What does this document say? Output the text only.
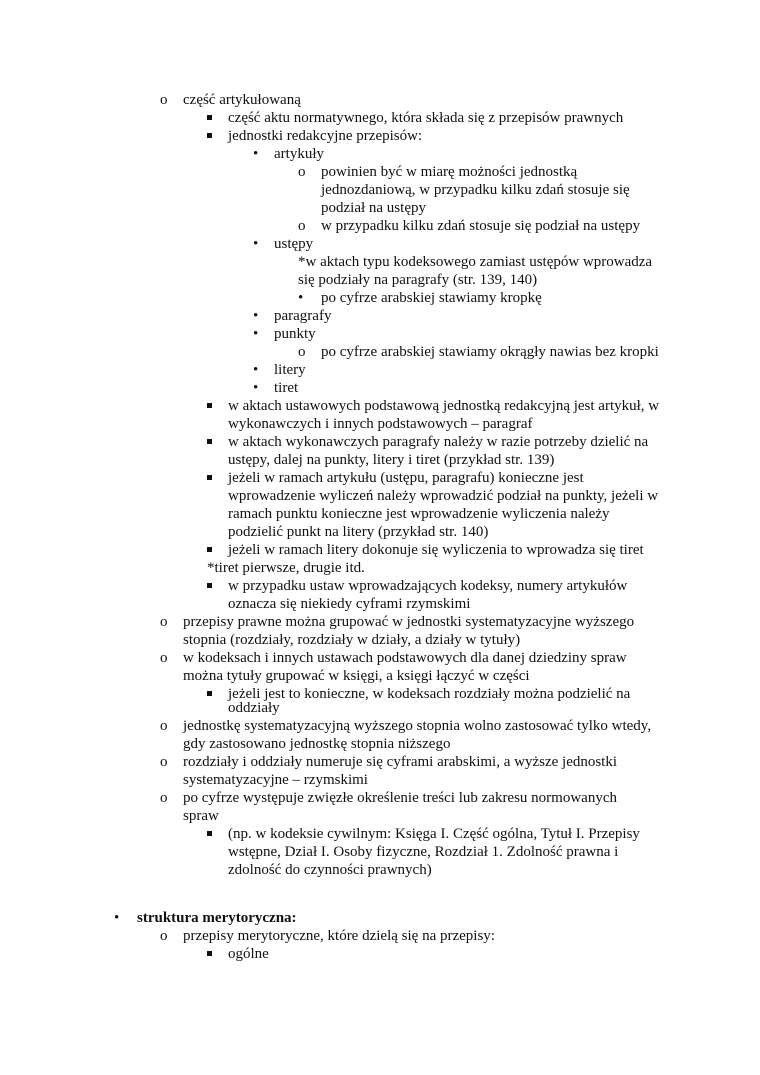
o
•
o
o
•
•
•
•
o
•
•
o
o
o
o
o
•
o
część artykułowaną
część aktu normatywnego, która składa się z przepisów prawnych
jednostki redakcyjne przepisów:
artykuły
powinien być w miarę możności jednostką
jednozdaniową, w przypadku kilku zdań stosuje się
podział na ustępy
w przypadku kilku zdań stosuje się podział na ustępy
ustępy
*w aktach typu kodeksowego zamiast ustępów wprowadza
się podziały na paragrafy (str. 139, 140)
po cyfrze arabskiej stawiamy kropkę
paragrafy
punkty
po cyfrze arabskiej stawiamy okrągły nawias bez kropki
litery
tiret
w aktach ustawowych podstawową jednostką redakcyjną jest artykuł, w
wykonawczych i innych podstawowych – paragraf
w aktach wykonawczych paragrafy należy w razie potrzeby dzielić na
ustępy, dalej na punkty, litery i tiret (przykład str. 139)
jeżeli w ramach artykułu (ustępu, paragrafu) konieczne jest
wprowadzenie wyliczeń należy wprowadzić podział na punkty, jeżeli w
ramach punktu konieczne jest wprowadzenie wyliczenia należy
podzielić punkt na litery (przykład str. 140)
jeżeli w ramach litery dokonuje się wyliczenia to wprowadza się tiret
*tiret pierwsze, drugie itd.
w przypadku ustaw wprowadzających kodeksy, numery artykułów
oznacza się niekiedy cyframi rzymskimi
przepisy prawne można grupować w jednostki systematyzacyjne wyższego
stopnia (rozdziały, rozdziały w działy, a działy w tytuły)
w kodeksach i innych ustawach podstawowych dla danej dziedziny spraw
można tytuły grupować w księgi, a księgi łączyć w części
jeżeli jest to konieczne, w kodeksach rozdziały można podzielić na
oddziały
jednostkę systematyzacyjną wyższego stopnia wolno zastosować tylko wtedy,
gdy zastosowano jednostkę stopnia niższego
rozdziały i oddziały numeruje się cyframi arabskimi, a wyższe jednostki
systematyzacyjne – rzymskimi
po cyfrze występuje zwięzłe określenie treści lub zakresu normowanych
spraw
(np. w kodeksie cywilnym: Księga I. Część ogólna, Tytuł I. Przepisy
wstępne, Dział I. Osoby fizyczne, Rozdział 1. Zdolność prawna i
zdolność do czynności prawnych)
struktura merytoryczna:
przepisy merytoryczne, które dzielą się na przepisy:
ogólne
